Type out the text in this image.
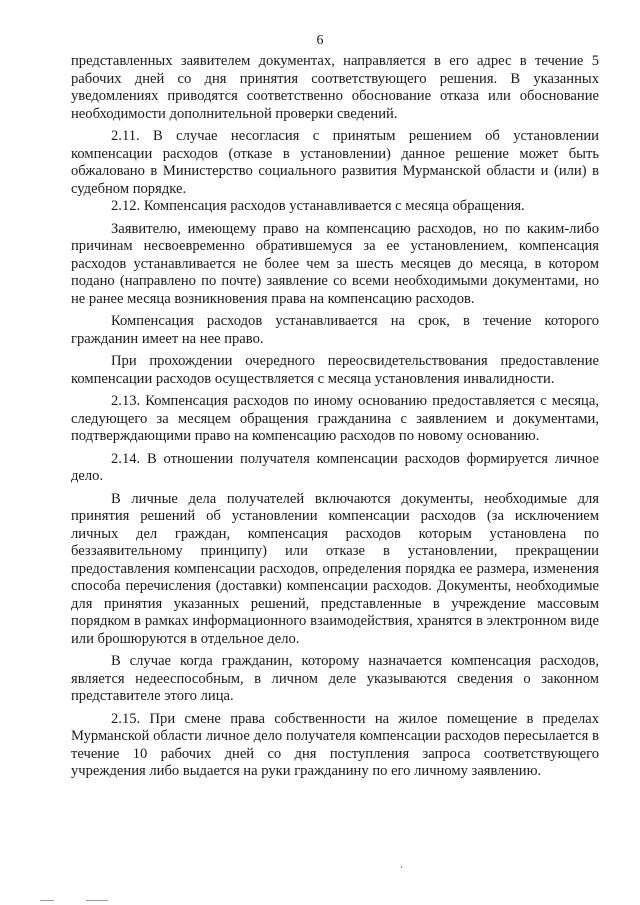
6

представленных заявителем документах, направляется в его адрес в течение 5 рабочих дней со дня принятия соответствующего решения. В указанных уведомлениях приводятся соответственно обоснование отказа или обоснование необходимости дополнительной проверки сведений.

2.11. В случае несогласия с принятым решением об установлении компенсации расходов (отказе в установлении) данное решение может быть обжаловано в Министерство социального развития Мурманской области и (или) в судебном порядке.

2.12. Компенсация расходов устанавливается с месяца обращения.

Заявителю, имеющему право на компенсацию расходов, но по каким-либо причинам несвоевременно обратившемуся за ее установлением, компенсация расходов устанавливается не более чем за шесть месяцев до месяца, в котором подано (направлено по почте) заявление со всеми необходимыми документами, но не ранее месяца возникновения права на компенсацию расходов.

Компенсация расходов устанавливается на срок, в течение которого гражданин имеет на нее право.

При прохождении очередного переосвидетельствования предоставление компенсации расходов осуществляется с месяца установления инвалидности.

2.13. Компенсация расходов по иному основанию предоставляется с месяца, следующего за месяцем обращения гражданина с заявлением и документами, подтверждающими право на компенсацию расходов по новому основанию.

2.14. В отношении получателя компенсации расходов формируется личное дело.

В личные дела получателей включаются документы, необходимые для принятия решений об установлении компенсации расходов (за исключением личных дел граждан, компенсация расходов которым установлена по беззаявительному принципу) или отказе в установлении, прекращении предоставления компенсации расходов, определения порядка ее размера, изменения способа перечисления (доставки) компенсации расходов. Документы, необходимые для принятия указанных решений, представленные в учреждение массовым порядком в рамках информационного взаимодействия, хранятся в электронном виде или брошюруются в отдельное дело.

В случае когда гражданин, которому назначается компенсация расходов, является недееспособным, в личном деле указываются сведения о законном представителе этого лица.

2.15. При смене права собственности на жилое помещение в пределах Мурманской области личное дело получателя компенсации расходов пересылается в течение 10 рабочих дней со дня поступления запроса соответствующего учреждения либо выдается на руки гражданину по его личному заявлению.
